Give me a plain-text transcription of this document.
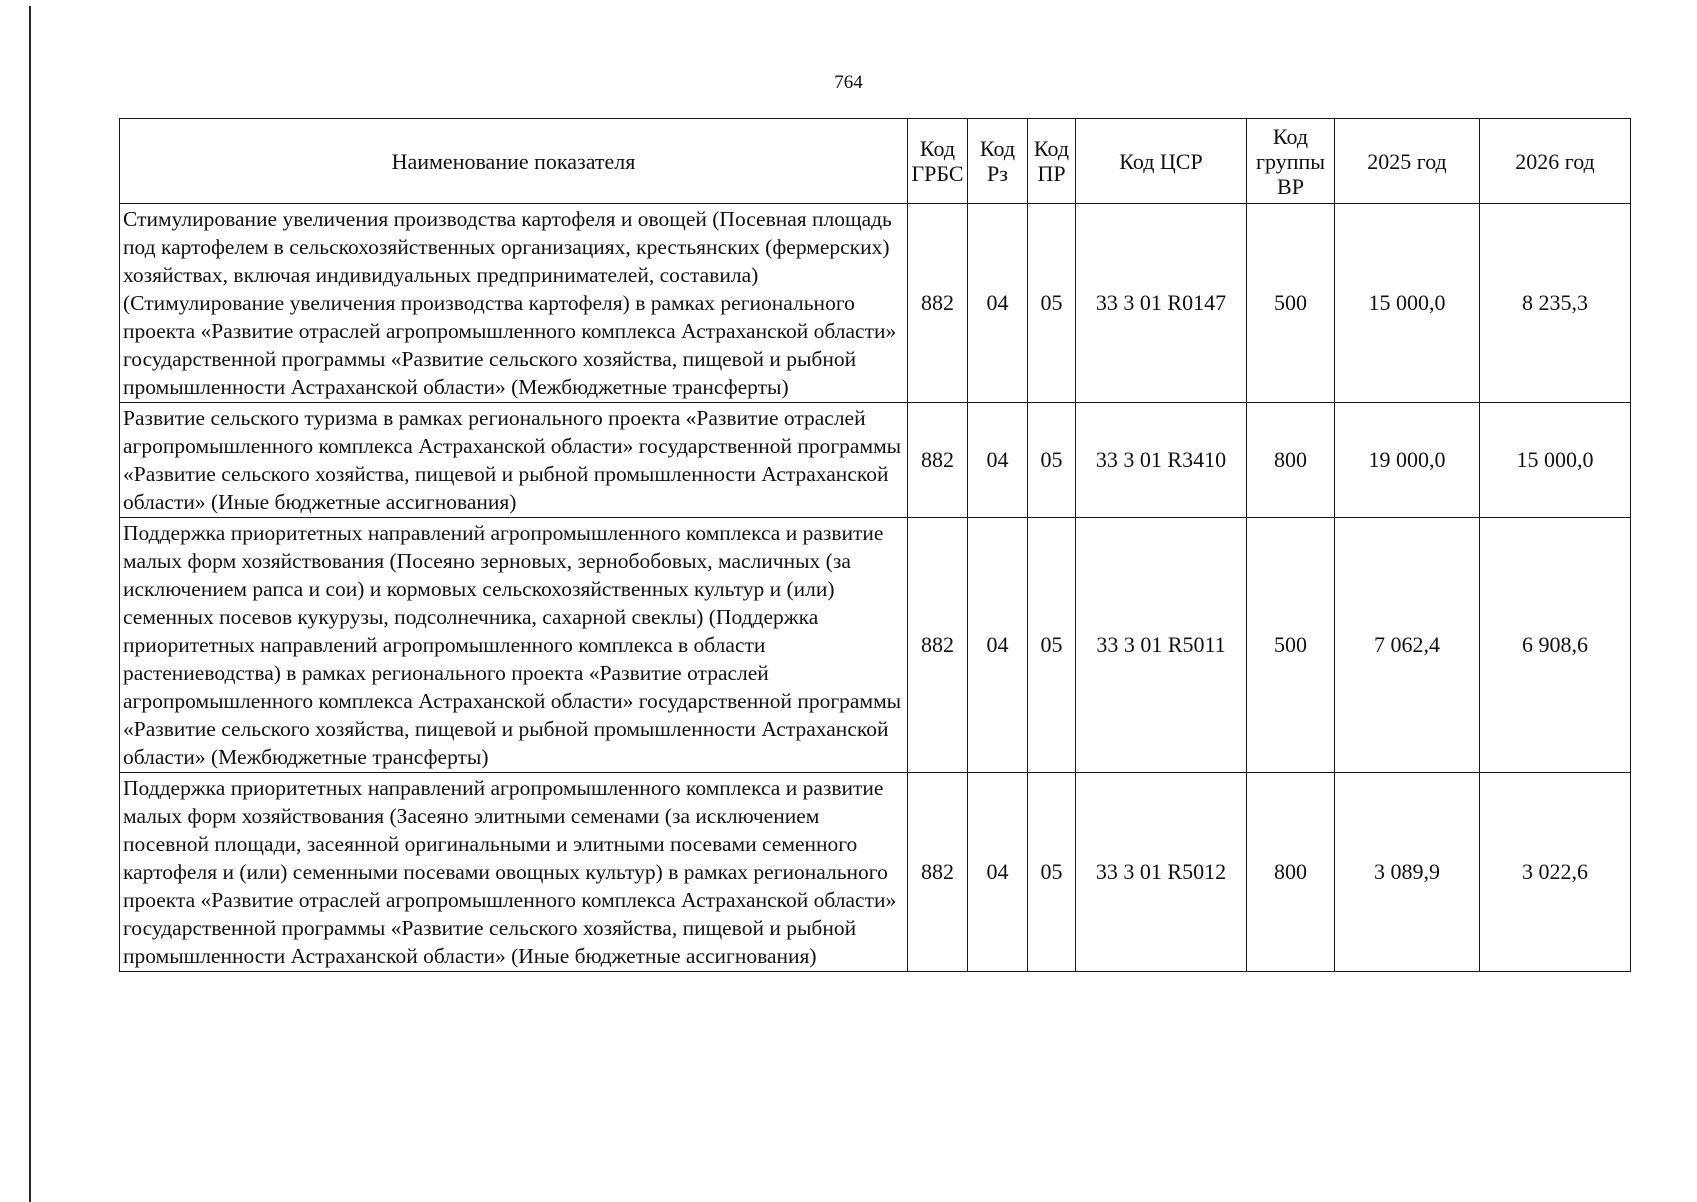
764
Наименование показателя	Код ГРБС	Код Рз	Код ПР	Код ЦСР	Код группы ВР	2025 год	2026 год
Стимулирование увеличения производства картофеля и овощей (Посевная площадь под картофелем в сельскохозяйственных организациях, крестьянских (фермерских) хозяйствах, включая индивидуальных предпринимателей, составила) (Стимулирование увеличения производства картофеля) в рамках регионального проекта «Развитие отраслей агропромышленного комплекса Астраханской области» государственной программы «Развитие сельского хозяйства, пищевой и рыбной промышленности Астраханской области» (Межбюджетные трансферты)	882	04	05	33 3 01 R0147	500	15 000,0	8 235,3
Развитие сельского туризма в рамках регионального проекта «Развитие отраслей агропромышленного комплекса Астраханской области» государственной программы «Развитие сельского хозяйства, пищевой и рыбной промышленности Астраханской области» (Иные бюджетные ассигнования)	882	04	05	33 3 01 R3410	800	19 000,0	15 000,0
Поддержка приоритетных направлений агропромышленного комплекса и развитие малых форм хозяйствования (Посеяно зерновых, зернобобовых, масличных (за исключением рапса и сои) и кормовых сельскохозяйственных культур и (или) семенных посевов кукурузы, подсолнечника, сахарной свеклы) (Поддержка приоритетных направлений агропромышленного комплекса в области растениеводства) в рамках регионального проекта «Развитие отраслей агропромышленного комплекса Астраханской области» государственной программы «Развитие сельского хозяйства, пищевой и рыбной промышленности Астраханской области» (Межбюджетные трансферты)	882	04	05	33 3 01 R5011	500	7 062,4	6 908,6
Поддержка приоритетных направлений агропромышленного комплекса и развитие малых форм хозяйствования (Засеяно элитными семенами (за исключением посевной площади, засеянной оригинальными и элитными посевами семенного картофеля и (или) семенными посевами овощных культур) в рамках регионального проекта «Развитие отраслей агропромышленного комплекса Астраханской области» государственной программы «Развитие сельского хозяйства, пищевой и рыбной промышленности Астраханской области» (Иные бюджетные ассигнования)	882	04	05	33 3 01 R5012	800	3 089,9	3 022,6
